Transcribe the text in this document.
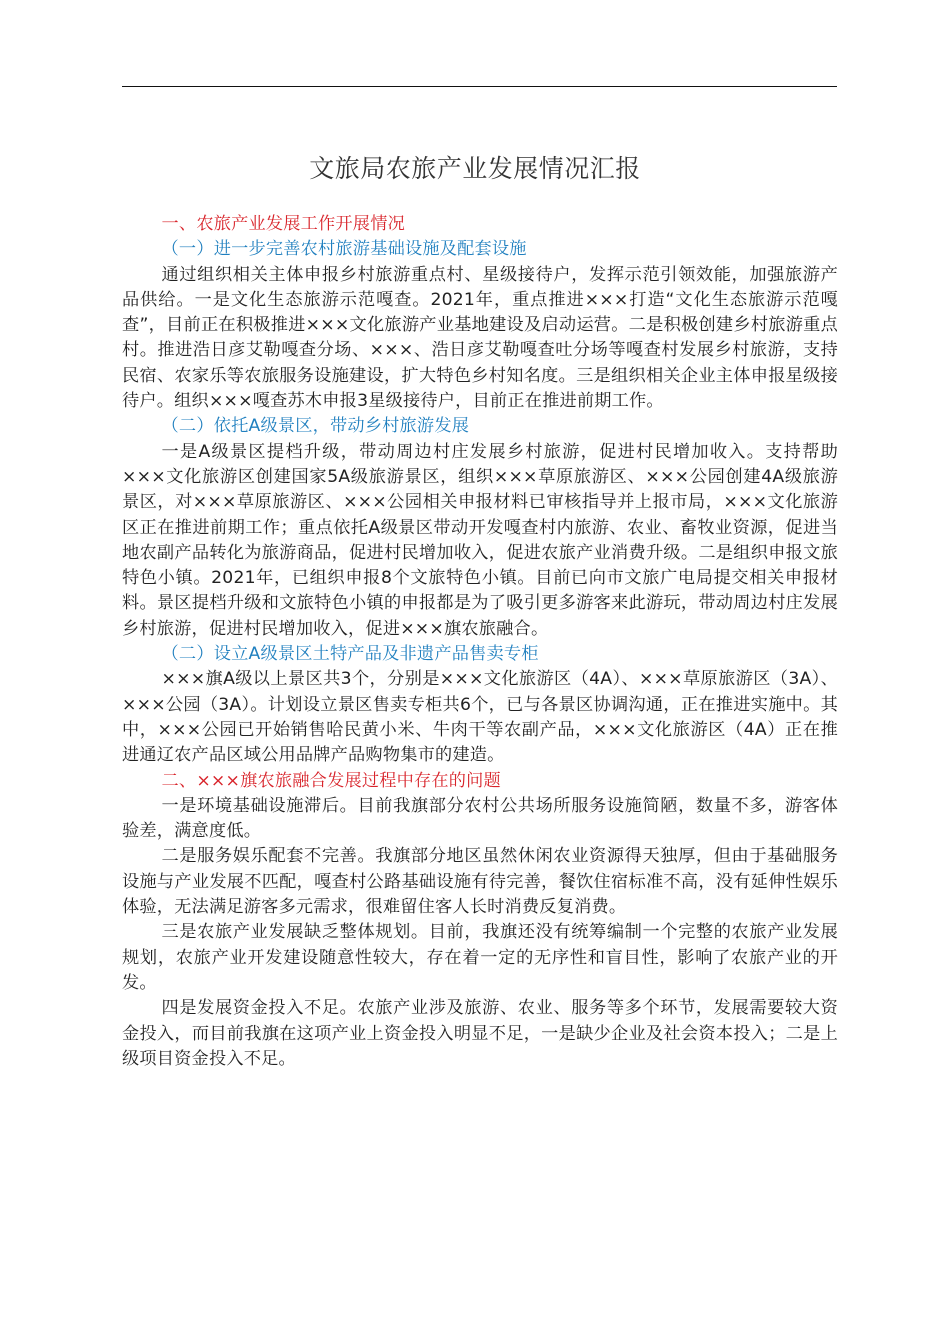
文旅局农旅产业发展情况汇报

一、农旅产业发展工作开展情况

（一）进一步完善农村旅游基础设施及配套设施

通过组织相关主体申报乡村旅游重点村、星级接待户，发挥示范引领效能，加强旅游产品供给。一是文化生态旅游示范嘎查。2021年，重点推进×××打造“文化生态旅游示范嘎查”，目前正在积极推进×××文化旅游产业基地建设及启动运营。二是积极创建乡村旅游重点村。推进浩日彦艾勒嘎查分场、×××、浩日彦艾勒嘎查吐分场等嘎查村发展乡村旅游，支持民宿、农家乐等农旅服务设施建设，扩大特色乡村知名度。三是组织相关企业主体申报星级接待户。组织×××嘎查苏木申报3星级接待户，目前正在推进前期工作。

（二）依托A级景区，带动乡村旅游发展

一是A级景区提档升级，带动周边村庄发展乡村旅游，促进村民增加收入。支持帮助×××文化旅游区创建国家5A级旅游景区，组织×××草原旅游区、×××公园创建4A级旅游景区，对×××草原旅游区、×××公园相关申报材料已审核指导并上报市局，×××文化旅游区正在推进前期工作；重点依托A级景区带动开发嘎查村内旅游、农业、畜牧业资源，促进当地农副产品转化为旅游商品，促进村民增加收入，促进农旅产业消费升级。二是组织申报文旅特色小镇。2021年，已组织申报8个文旅特色小镇。目前已向市文旅广电局提交相关申报材料。景区提档升级和文旅特色小镇的申报都是为了吸引更多游客来此游玩，带动周边村庄发展乡村旅游，促进村民增加收入，促进×××旗农旅融合。

（二）设立A级景区土特产品及非遗产品售卖专柜

×××旗A级以上景区共3个，分别是×××文化旅游区（4A）、×××草原旅游区（3A）、×××公园（3A）。计划设立景区售卖专柜共6个，已与各景区协调沟通，正在推进实施中。其中，×××公园已开始销售哈民黄小米、牛肉干等农副产品，×××文化旅游区（4A）正在推进通辽农产品区域公用品牌产品购物集市的建造。

二、×××旗农旅融合发展过程中存在的问题

一是环境基础设施滞后。目前我旗部分农村公共场所服务设施简陋，数量不多，游客体验差，满意度低。

二是服务娱乐配套不完善。我旗部分地区虽然休闲农业资源得天独厚，但由于基础服务设施与产业发展不匹配，嘎查村公路基础设施有待完善，餐饮住宿标准不高，没有延伸性娱乐体验，无法满足游客多元需求，很难留住客人长时消费反复消费。

三是农旅产业发展缺乏整体规划。目前，我旗还没有统筹编制一个完整的农旅产业发展规划，农旅产业开发建设随意性较大，存在着一定的无序性和盲目性，影响了农旅产业的开发。

四是发展资金投入不足。农旅产业涉及旅游、农业、服务等多个环节，发展需要较大资金投入，而目前我旗在这项产业上资金投入明显不足，一是缺少企业及社会资本投入；二是上级项目资金投入不足。
